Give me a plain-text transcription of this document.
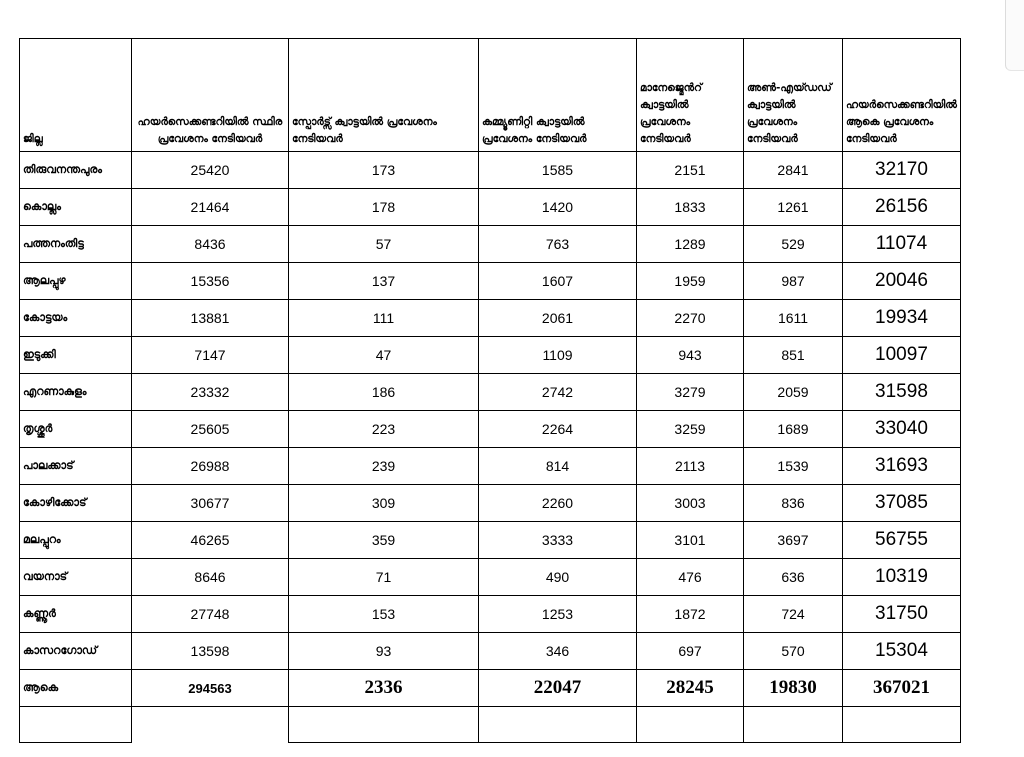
ജില്ല	ഹയർസെക്കണ്ടറിയിൽ സ്ഥിര പ്രവേശനം നേടിയവർ	സ്പോർട്സ് ക്വാട്ടയിൽ പ്രവേശനം നേടിയവർ	കമ്മ്യൂണിറ്റി ക്വാട്ടയിൽ പ്രവേശനം നേടിയവർ	മാനേജ്മെൻറ് ക്വാട്ടയിൽ പ്രവേശനം നേടിയവർ	അൺ-എയ്ഡഡ് ക്വാട്ടയിൽ പ്രവേശനം നേടിയവർ	ഹയർസെക്കണ്ടറിയിൽ ആകെ പ്രവേശനം നേടിയവർ
തിരുവനന്തപുരം	25420	173	1585	2151	2841	32170
കൊല്ലം	21464	178	1420	1833	1261	26156
പത്തനംതിട്ട	8436	57	763	1289	529	11074
ആലപ്പുഴ	15356	137	1607	1959	987	20046
കോട്ടയം	13881	111	2061	2270	1611	19934
ഇടുക്കി	7147	47	1109	943	851	10097
എറണാകുളം	23332	186	2742	3279	2059	31598
തൃശ്ശൂർ	25605	223	2264	3259	1689	33040
പാലക്കാട്	26988	239	814	2113	1539	31693
കോഴിക്കോട്	30677	309	2260	3003	836	37085
മലപ്പുറം	46265	359	3333	3101	3697	56755
വയനാട്	8646	71	490	476	636	10319
കണ്ണൂർ	27748	153	1253	1872	724	31750
കാസറഗോഡ്	13598	93	346	697	570	15304
ആകെ	294563	2336	22047	28245	19830	367021
